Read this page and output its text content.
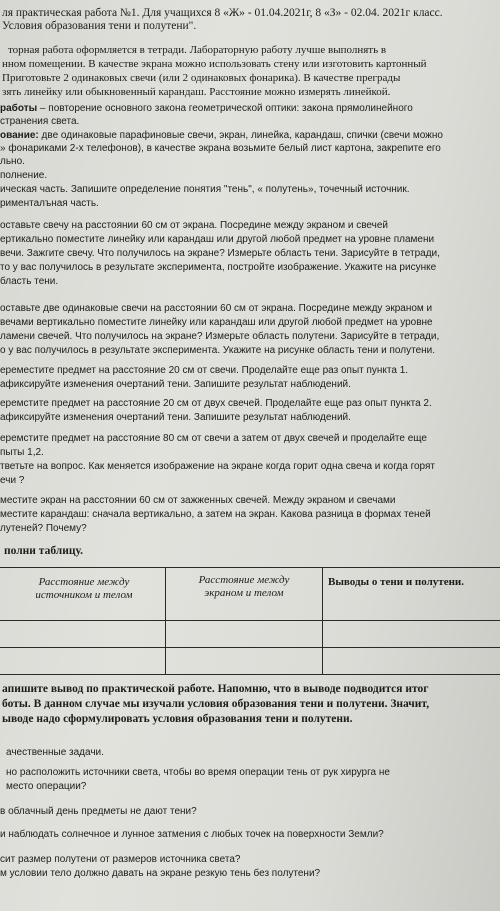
ля практическая работа №1. Для учащихся 8 «Ж» - 01.04.2021г, 8 «З» - 02.04. 2021г класс.
Условия образования тени и полутени".
торная работа оформляется в тетради. Лабораторную работу лучше выполнять в
нном помещении. В качестве экрана можно использовать стену или изготовить картонный
Приготовьте 2 одинаковых свечи (или 2 одинаковых фонарика). В качестве преграды
зять линейку или обыкновенный карандаш. Расстояние можно измерять линейкой.
работы – повторение основного закона геометрической оптики: закона прямолинейного
странения света.
ование: две одинаковые парафиновые свечи, экран, линейка, карандаш, спички (свечи можно
» фонариками 2-х телефонов), в качестве экрана возьмите белый лист картона, закрепите его
льно.
полнение.
ическая часть. Запишите определение понятия "тень", « полутень», точечный источник.
рименталъная часть.
оставьте свечу на расстоянии 60 см от экрана. Посредине между экраном и свечей
ертикально поместите линейку или карандаш или другой любой предмет на уровне пламени
вечи. Зажгите свечу. Что получилось на экране? Измерьте область тени. Зарисуйте в тетради,
то у вас получилось в результате эксперимента, постройте изображение. Укажите на рисунке
бласть тени.
оставьте две одинаковые свечи на расстоянии 60 см от экрана. Посредине между экраном и
вечами вертикально поместите линейку или карандаш или другой любой предмет на уровне
ламени свечей. Что получилось на экране? Измерьте область полутени. Зарисуйте в тетради,
о у вас получилось в результате эксперимента. Укажите на рисунке область тени и полутени.
ереместите предмет на расстояние 20 см от свечи. Проделайте еще раз опыт пункта 1.
афиксируйте изменения очертаний тени. Запишите результат наблюдений.
еремстите предмет на расстояние 20 см от двух свечей. Проделайте еще раз опыт пункта 2.
афиксируйте изменения очертаний тени. Запишите результат наблюдений.
еремстите предмет на расстояние 80 см от свечи а затем от двух свечей и проделайте еще
пыты 1,2.
тветьте на вопрос. Как меняется изображение на экране когда горит одна свеча и когда горят
ечи ?
местите экран на расстоянии 60 см от зажженных свечей. Между экраном и свечами
местите карандаш: сначала вертикально, а затем на экран. Какова разница в формах теней
лутеней? Почему?
полни таблицу.
Расстояние между
источником и телом
Расстояние между
экраном и телом
Выводы о тени и полутени.
апишите вывод по практической работе. Напомню, что в выводе подводится итог
боты. В данном случае мы изучали условия образования тени и полутени. Значит,
ыводе надо сформулировать условия образования тени и полутени.
ачественные задачи.
но расположить источники света, чтобы во время операции тень от рук хирурга не
место операции?
в облачный день предметы не дают тени?
и наблюдать солнечное и лунное затмения с любых точек на поверхности Земли?
сит размер полутени от размеров источника света?
м условии тело должно давать на экране резкую тень без полутени?
